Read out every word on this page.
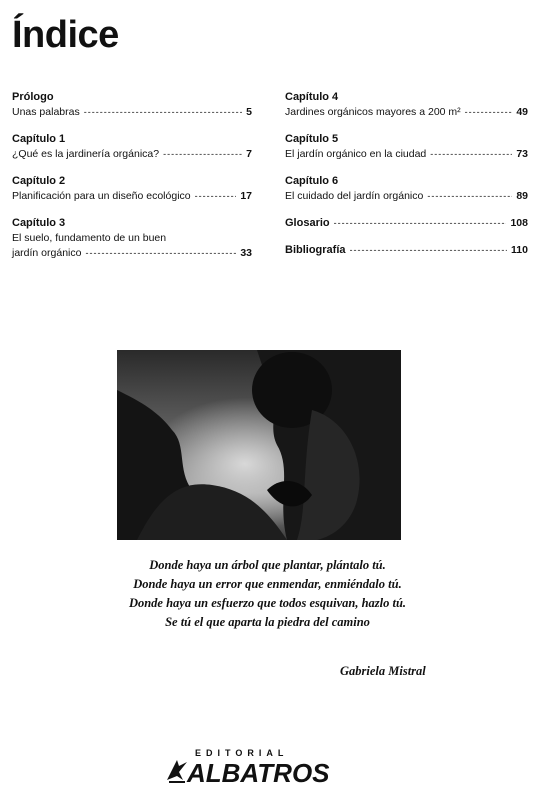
Índice
Prólogo
Unas palabras -----	5
Capítulo 1
¿Qué es la jardinería orgánica? -----	7
Capítulo 2
Planificación para un diseño ecológico -----	17
Capítulo 3
El suelo, fundamento de un buen
jardín orgánico -----	33
Capítulo 4
Jardines orgánicos mayores a 200 m² -----	49
Capítulo 5
El jardín orgánico en la ciudad -----	73
Capítulo 6
El cuidado del jardín orgánico -----	89
Glosario -----	108
Bibliografía -----	110
Donde haya un árbol que plantar, plántalo tú.
Donde haya un error que enmendar, enmiéndalo tú.
Donde haya un esfuerzo que todos esquivan, hazlo tú.
Se tú el que aparta la piedra del camino
Gabriela Mistral
EDITORIAL
ALBATROS
